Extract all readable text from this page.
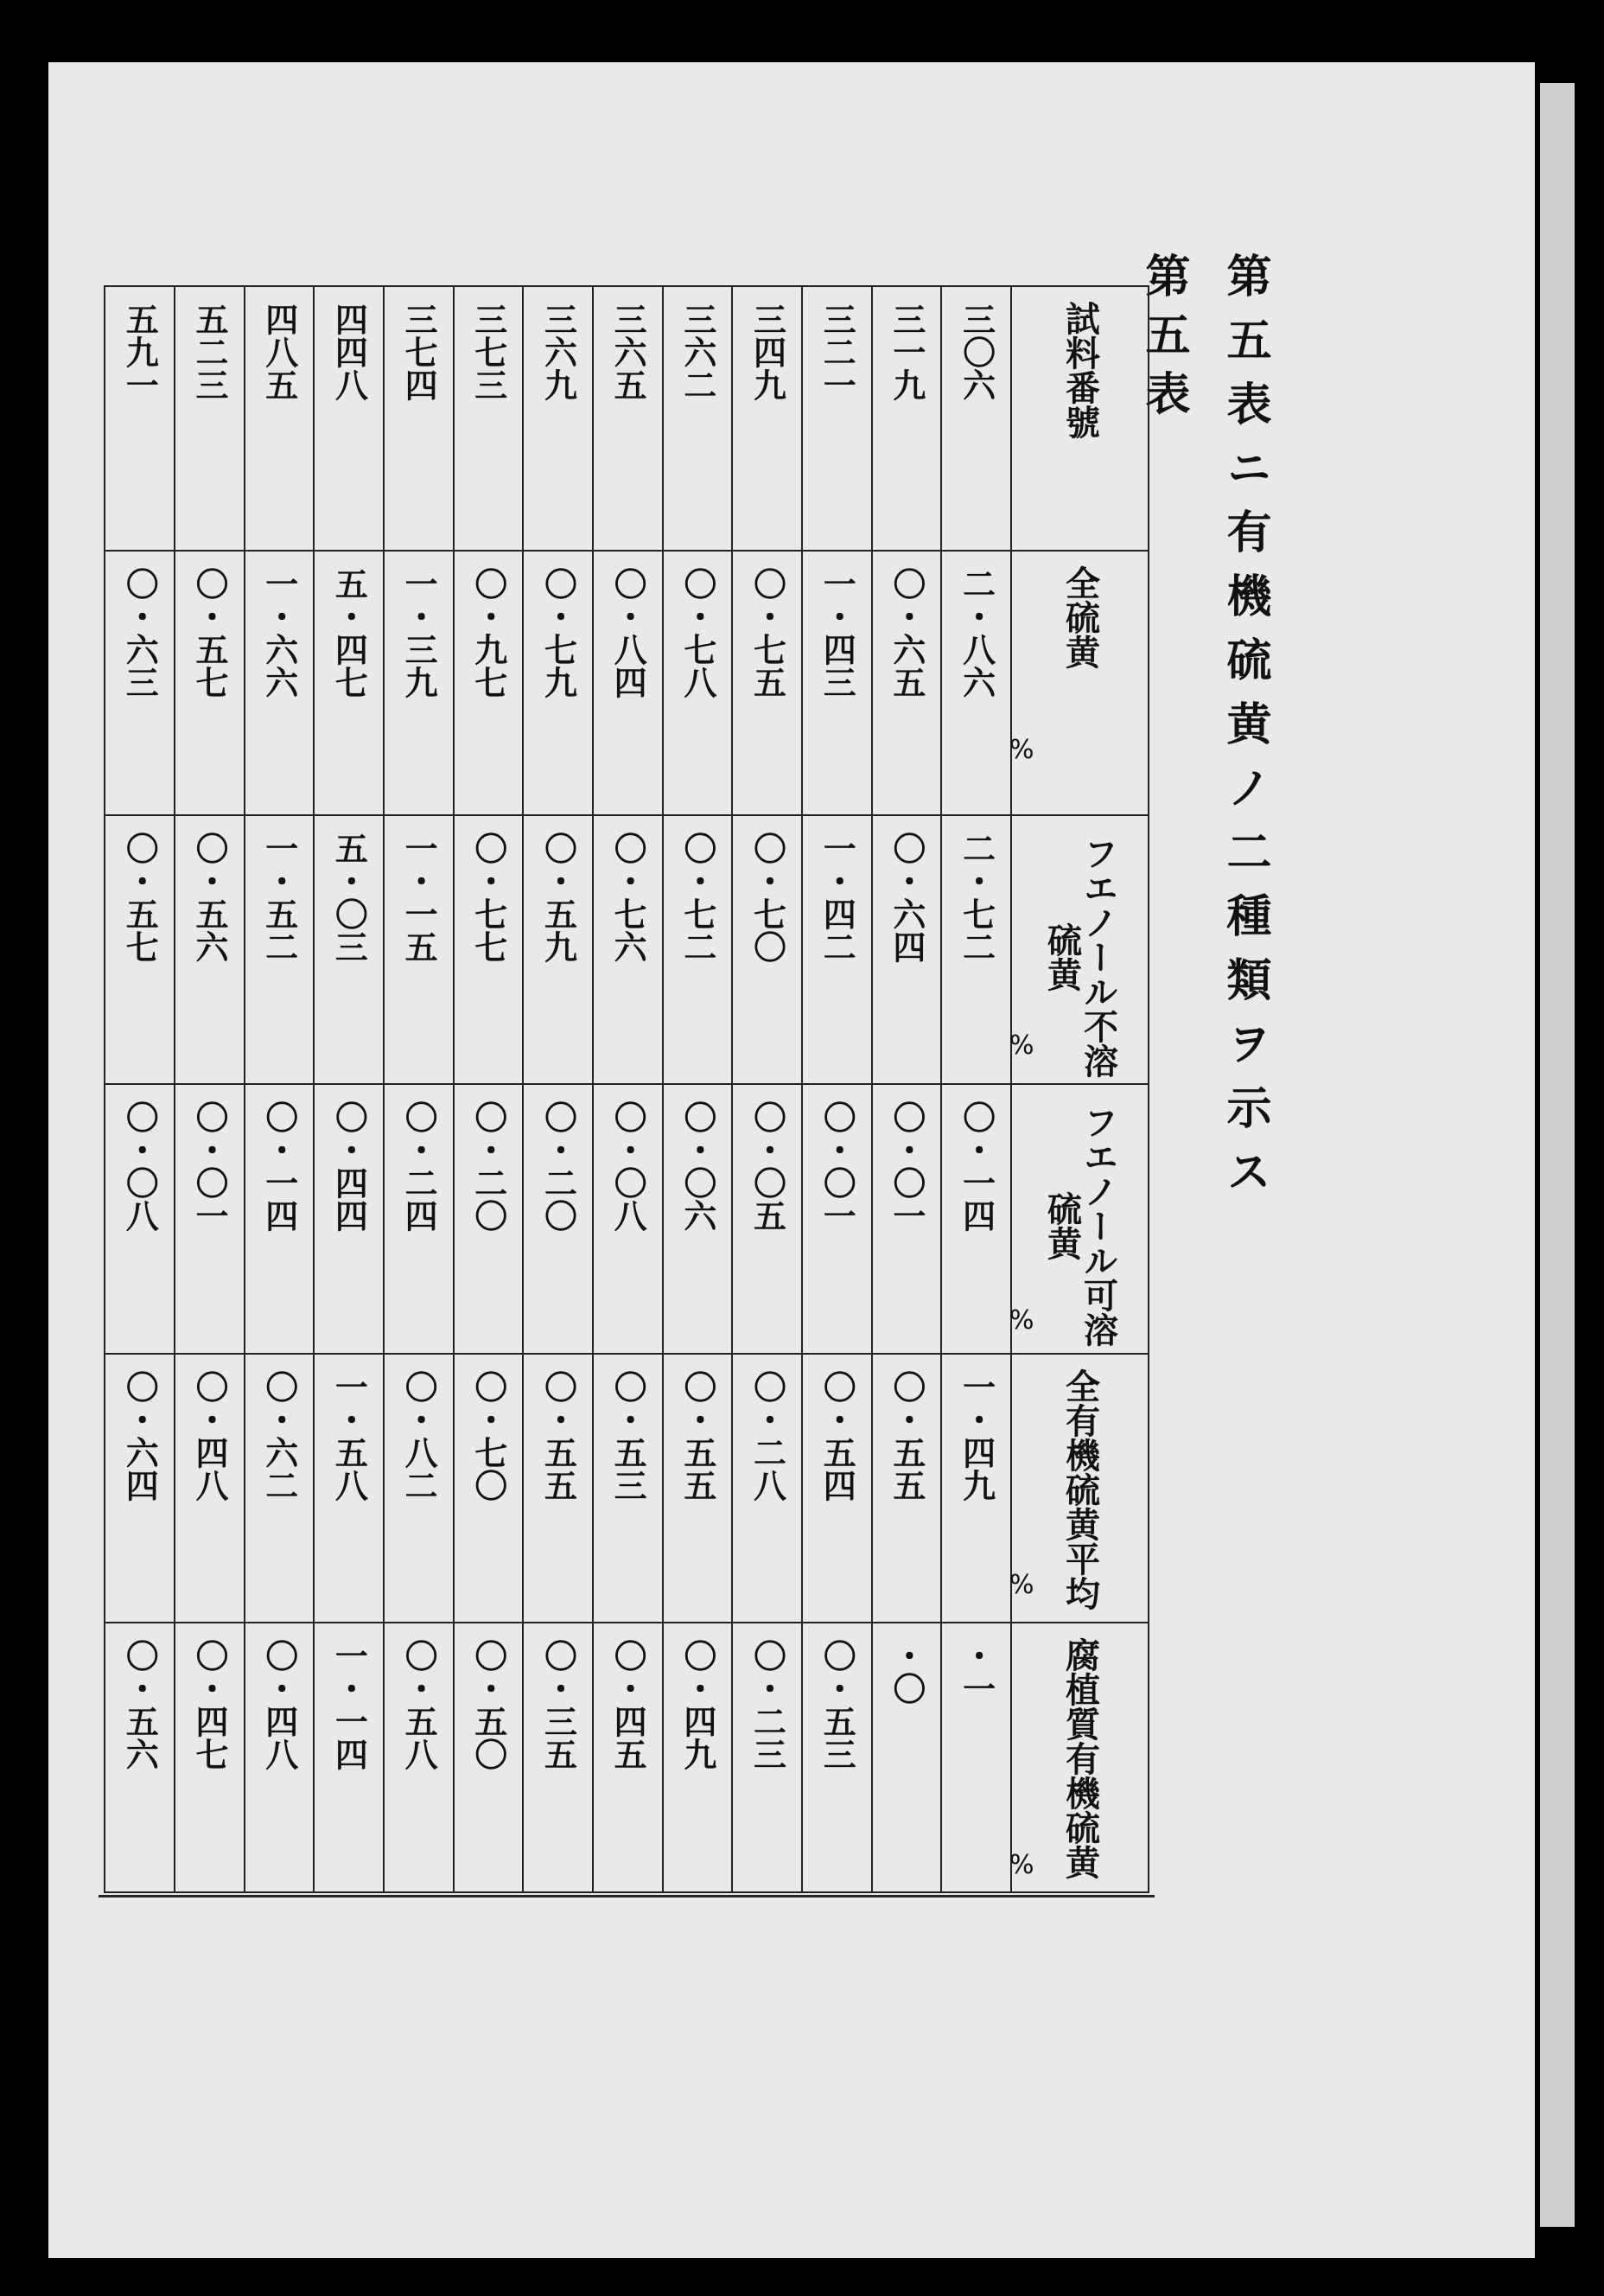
第五表ニ有機硫黄ノ二種類ヲ示ス
第五表
試料番號	三〇六	三一九	三二一	三四九	三六二	三六五	三六九	三七三	三七四	四四八	四八五	五二三	五九一
全硫黄	二・八六	〇・六五	一・四三	〇・七五	〇・七八	〇・八四	〇・七九	〇・九七	一・三九	五・四七	一・六六	〇・五七	〇・六三
フエノール不溶硫黄	二・七二	〇・六四	一・四二	〇・七〇	〇・七二	〇・七六	〇・五九	〇・七七	一・一五	五・〇三	一・五二	〇・五六	〇・五七
フエノール可溶硫黄	〇・一四	〇・〇一	〇・〇一	〇・〇五	〇・〇六	〇・〇八	〇・二〇	〇・二〇	〇・二四	〇・四四	〇・一四	〇・〇一	〇・〇八
全有機硫黄平均	一・四九	〇・五五	〇・五四	〇・二八	〇・五五	〇・五三	〇・五五	〇・七〇	〇・八二	一・五八	〇・六二	〇・四八	〇・六四
腐植質有機硫黄	一・	〇・	〇・五三	〇・二三	〇・四九	〇・四五	〇・三五	〇・五〇	〇・五八	一・一四	〇・四八	〇・四七	〇・五六
%
%
%
%
%
